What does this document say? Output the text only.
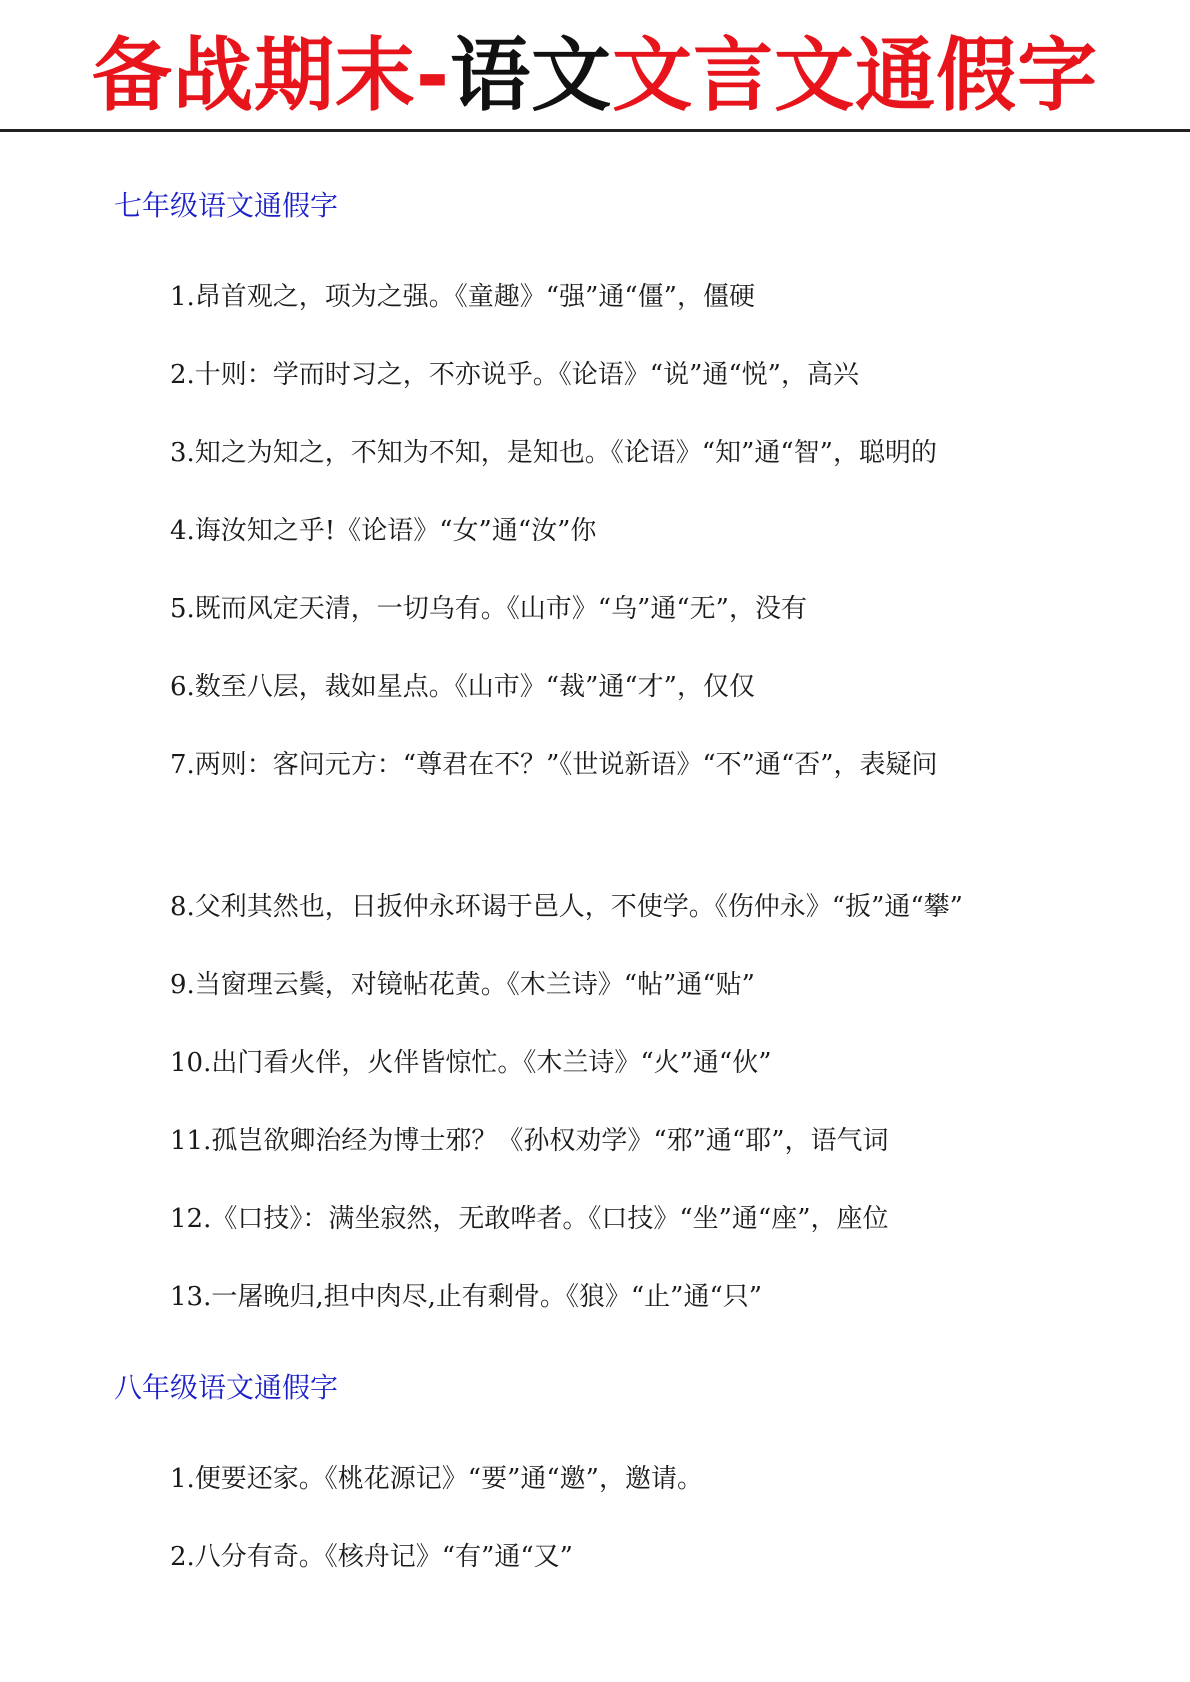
备战期末-语文文言文通假字
七年级语文通假字
1.昂首观之，项为之强。《童趣》“强”通“僵”，僵硬
2.十则：学而时习之，不亦说乎。《论语》“说”通“悦”，高兴
3.知之为知之，不知为不知，是知也。《论语》“知”通“智”，聪明的
4.诲汝知之乎!《论语》“女”通“汝”你
5.既而风定天清，一切乌有。《山市》“乌”通“无”，没有
6.数至八层，裁如星点。《山市》“裁”通“才”，仅仅
7.两则：客问元方：“尊君在不？”《世说新语》“不”通“否”，表疑问
8.父利其然也，日扳仲永环谒于邑人，不使学。《伤仲永》“扳”通“攀”
9.当窗理云鬓，对镜帖花黄。《木兰诗》“帖”通“贴”
10.出门看火伴，火伴皆惊忙。《木兰诗》“火”通“伙”
11.孤岂欲卿治经为博士邪？《孙权劝学》“邪”通“耶”，语气词
12.《口技》：满坐寂然，无敢哗者。《口技》“坐”通“座”，座位
13.一屠晚归,担中肉尽,止有剩骨。《狼》“止”通“只”
八年级语文通假字
1.便要还家。《桃花源记》“要”通“邀”，邀请。
2.八分有奇。《核舟记》“有”通“又”
